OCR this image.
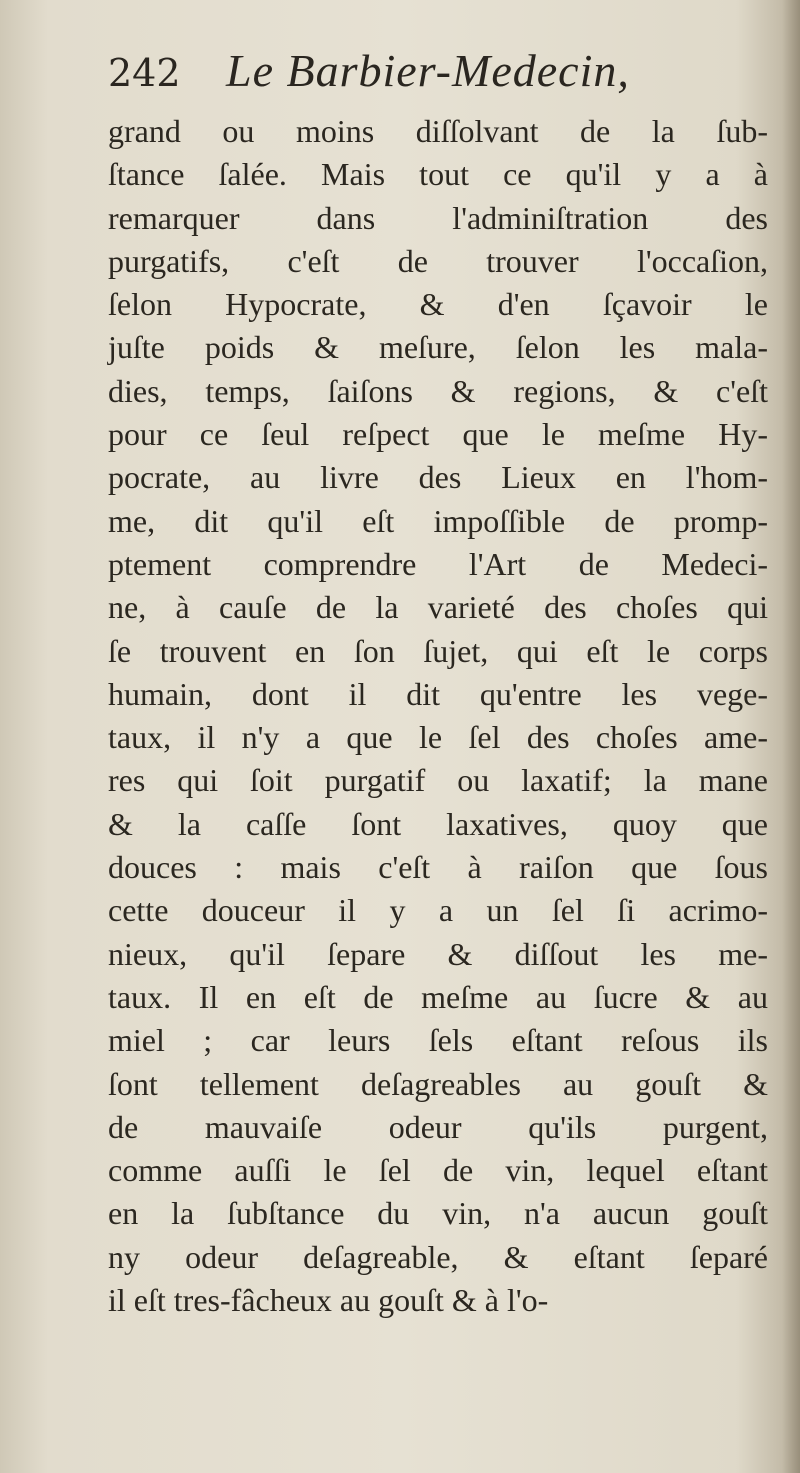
242 Le Barbier-Medecin,
grand ou moins diſſolvant de la ſub-
ſtance ſalée. Mais tout ce qu'il y a à
remarquer dans l'adminiſtration des
purgatifs, c'eſt de trouver l'occaſion,
ſelon Hypocrate, & d'en ſçavoir le
juſte poids & meſure, ſelon les mala-
dies, temps, ſaiſons & regions, & c'eſt
pour ce ſeul reſpect que le meſme Hy-
pocrate, au livre des Lieux en l'hom-
me, dit qu'il eſt impoſſible de promp-
ptement comprendre l'Art de Medeci-
ne, à cauſe de la varieté des choſes qui
ſe trouvent en ſon ſujet, qui eſt le corps
humain, dont il dit qu'entre les vege-
taux, il n'y a que le ſel des choſes ame-
res qui ſoit purgatif ou laxatif; la mane
& la caſſe ſont laxatives, quoy que
douces : mais c'eſt à raiſon que ſous
cette douceur il y a un ſel ſi acrimo-
nieux, qu'il ſepare & diſſout les me-
taux. Il en eſt de meſme au ſucre & au
miel ; car leurs ſels eſtant reſous ils
ſont tellement deſagreables au gouſt &
de mauvaiſe odeur qu'ils purgent,
comme auſſi le ſel de vin, lequel eſtant
en la ſubſtance du vin, n'a aucun gouſt
ny odeur deſagreable, & eſtant ſeparé
il eſt tres-fâcheux au gouſt & à l'o-
